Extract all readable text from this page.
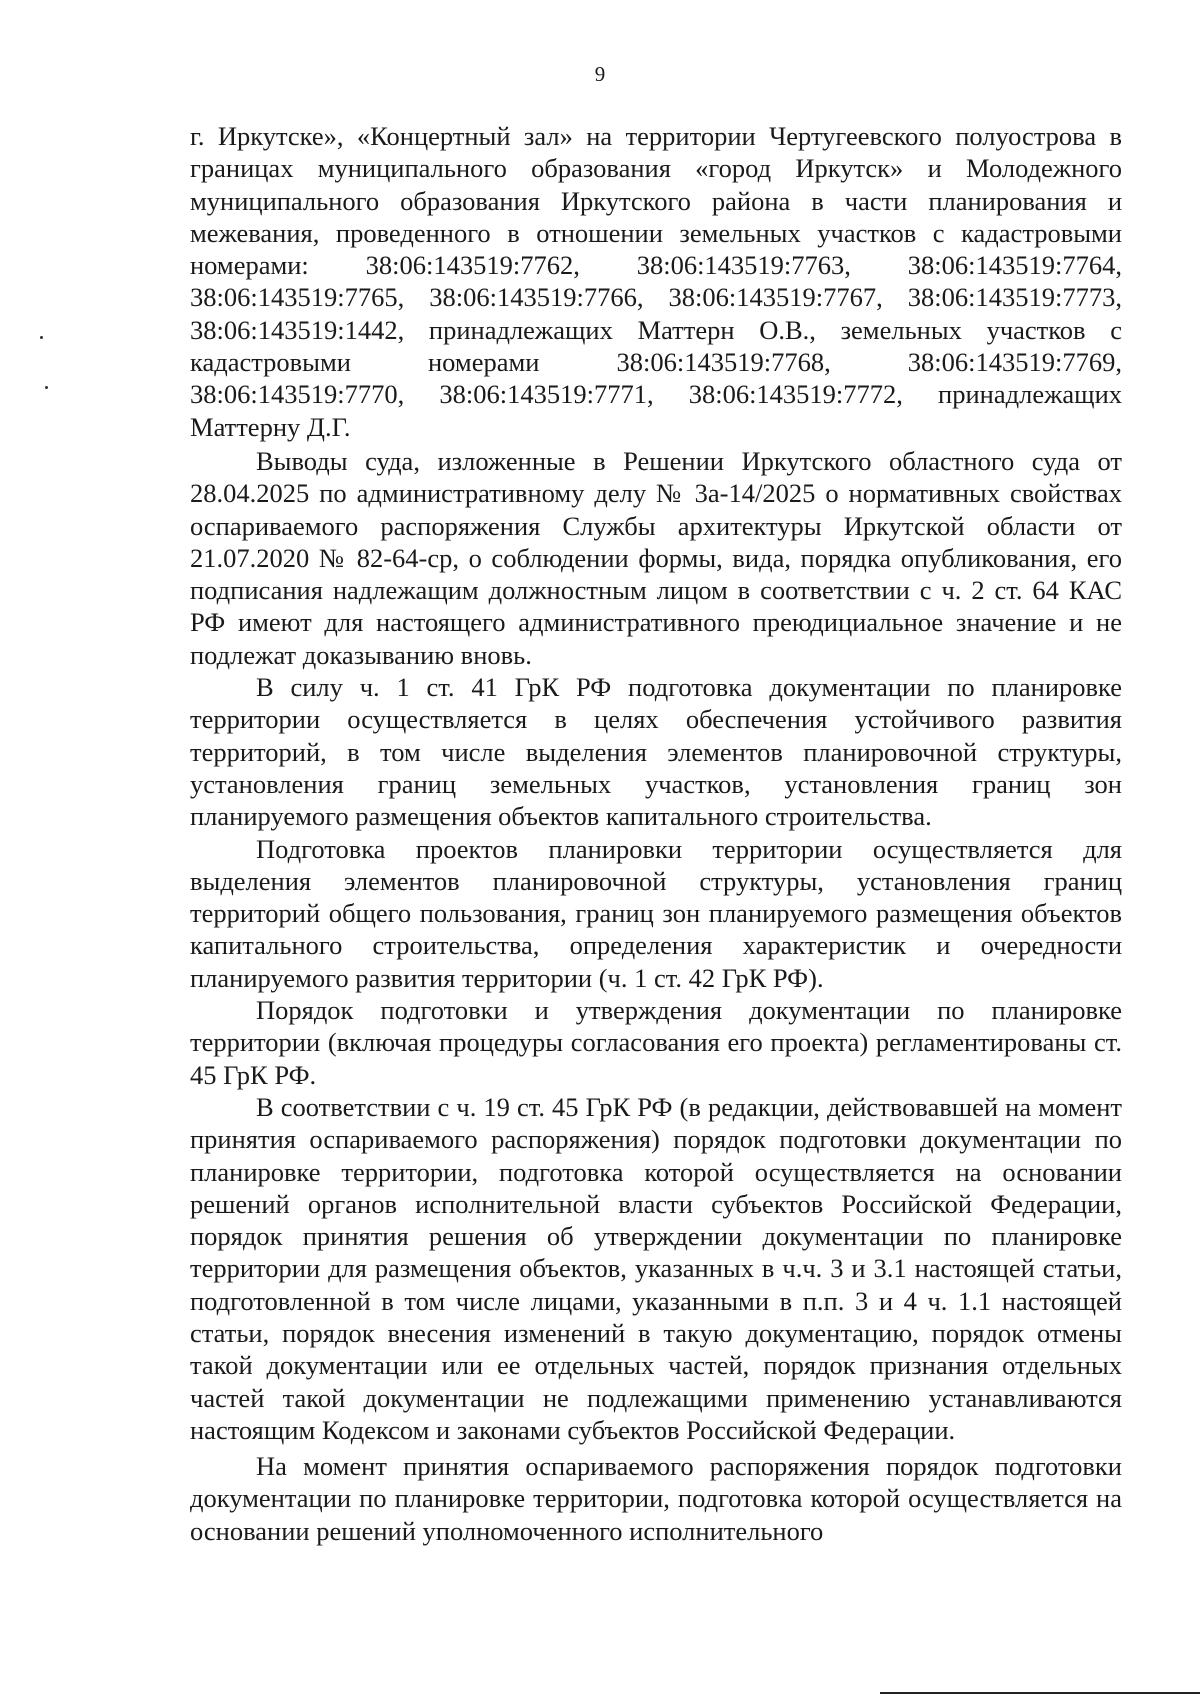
9

г. Иркутске», «Концертный зал» на территории Чертугеевского полуострова в границах муниципального образования «город Иркутск» и Молодежного муниципального образования Иркутского района в части планирования и межевания, проведенного в отношении земельных участков с кадастровыми номерами: 38:06:143519:7762, 38:06:143519:7763, 38:06:143519:7764, 38:06:143519:7765, 38:06:143519:7766, 38:06:143519:7767, 38:06:143519:7773, 38:06:143519:1442, принадлежащих Маттерн О.В., земельных участков с кадастровыми номерами 38:06:143519:7768, 38:06:143519:7769, 38:06:143519:7770, 38:06:143519:7771, 38:06:143519:7772, принадлежащих Маттерну Д.Г.

Выводы суда, изложенные в Решении Иркутского областного суда от 28.04.2025 по административному делу № 3а-14/2025 о нормативных свойствах оспариваемого распоряжения Службы архитектуры Иркутской области от 21.07.2020 № 82-64-ср, о соблюдении формы, вида, порядка опубликования, его подписания надлежащим должностным лицом в соответствии с ч. 2 ст. 64 КАС РФ имеют для настоящего административного преюдициальное значение и не подлежат доказыванию вновь.

В силу ч. 1 ст. 41 ГрК РФ подготовка документации по планировке территории осуществляется в целях обеспечения устойчивого развития территорий, в том числе выделения элементов планировочной структуры, установления границ земельных участков, установления границ зон планируемого размещения объектов капитального строительства.

Подготовка проектов планировки территории осуществляется для выделения элементов планировочной структуры, установления границ территорий общего пользования, границ зон планируемого размещения объектов капитального строительства, определения характеристик и очередности планируемого развития территории (ч. 1 ст. 42 ГрК РФ).

Порядок подготовки и утверждения документации по планировке территории (включая процедуры согласования его проекта) регламентированы ст. 45 ГрК РФ.

В соответствии с ч. 19 ст. 45 ГрК РФ (в редакции, действовавшей на момент принятия оспариваемого распоряжения) порядок подготовки документации по планировке территории, подготовка которой осуществляется на основании решений органов исполнительной власти субъектов Российской Федерации, порядок принятия решения об утверждении документации по планировке территории для размещения объектов, указанных в ч.ч. 3 и 3.1 настоящей статьи, подготовленной в том числе лицами, указанными в п.п. 3 и 4 ч. 1.1 настоящей статьи, порядок внесения изменений в такую документацию, порядок отмены такой документации или ее отдельных частей, порядок признания отдельных частей такой документации не подлежащими применению устанавливаются настоящим Кодексом и законами субъектов Российской Федерации.

На момент принятия оспариваемого распоряжения порядок подготовки документации по планировке территории, подготовка которой осуществляется на основании решений уполномоченного исполнительного
